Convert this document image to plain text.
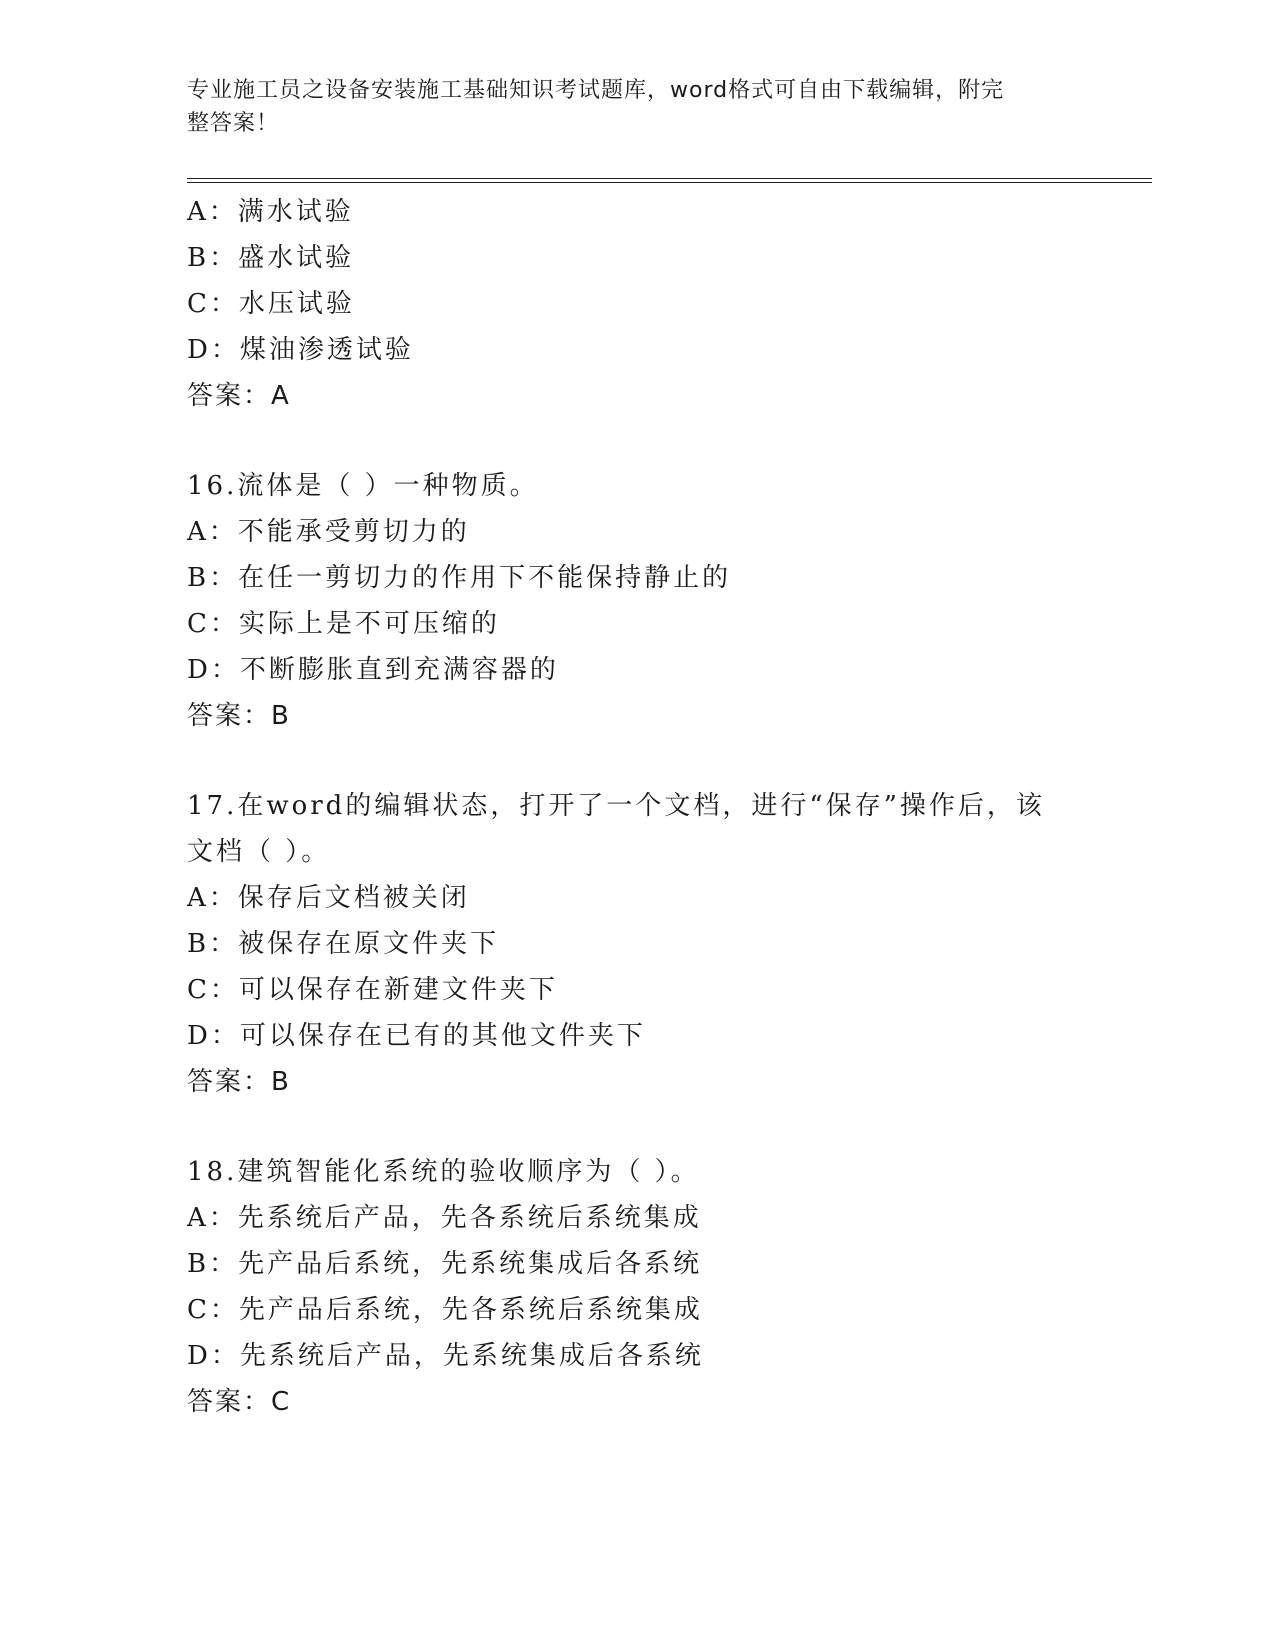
专业施工员之设备安装施工基础知识考试题库，word格式可自由下载编辑，附完
整答案！
A：满水试验
B：盛水试验
C：水压试验
D：煤油渗透试验
答案：A
16.流体是（ ）一种物质。
A：不能承受剪切力的
B：在任一剪切力的作用下不能保持静止的
C：实际上是不可压缩的
D：不断膨胀直到充满容器的
答案：B
17.在word的编辑状态，打开了一个文档，进行“保存”操作后，该
文档（ ）。
A：保存后文档被关闭
B：被保存在原文件夹下
C：可以保存在新建文件夹下
D：可以保存在已有的其他文件夹下
答案：B
18.建筑智能化系统的验收顺序为（ ）。
A：先系统后产品，先各系统后系统集成
B：先产品后系统，先系统集成后各系统
C：先产品后系统，先各系统后系统集成
D：先系统后产品，先系统集成后各系统
答案：C
